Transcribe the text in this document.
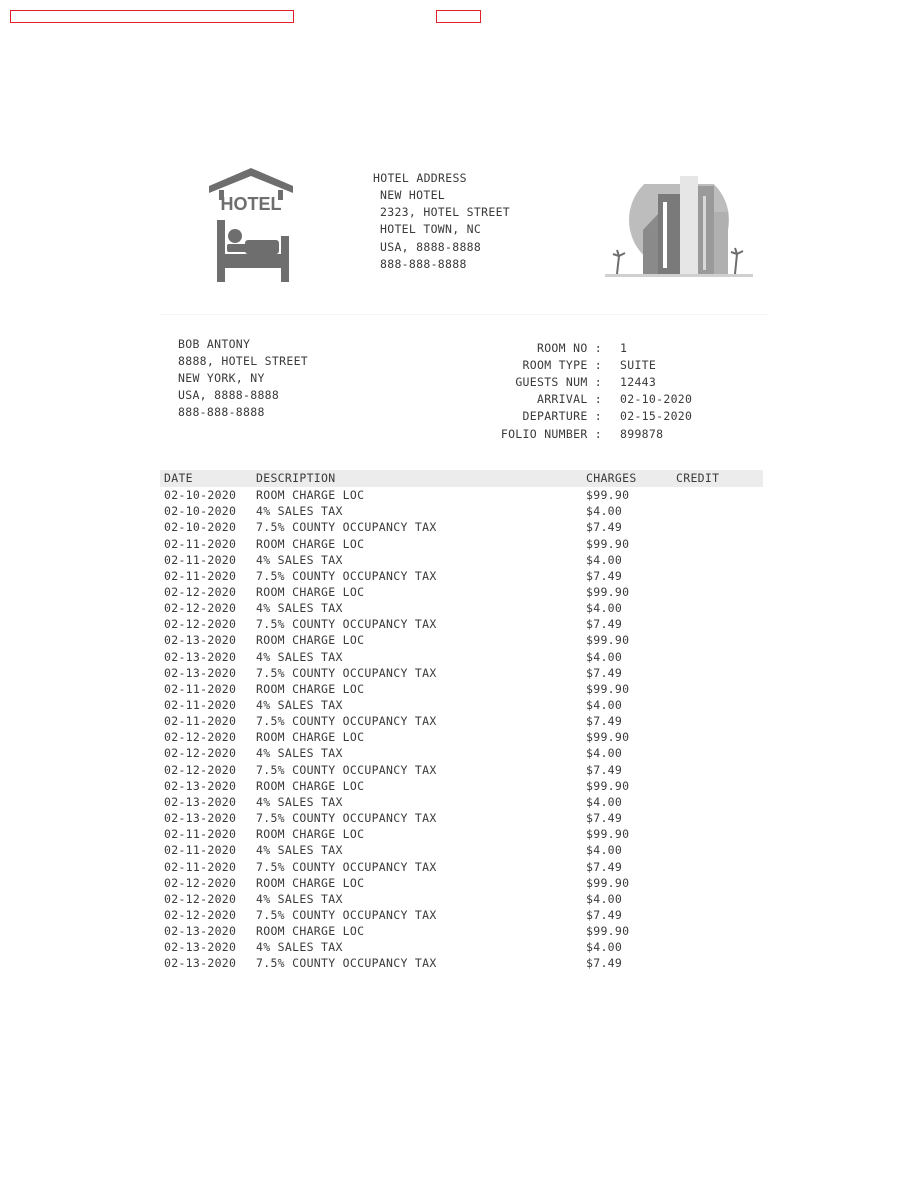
HOTEL
HOTEL ADDRESS
NEW HOTEL
2323, HOTEL STREET
HOTEL TOWN, NC
USA, 8888-8888
888-888-8888
BOB ANTONY
8888, HOTEL STREET
NEW YORK, NY
USA, 8888-8888
888-888-8888
ROOM NO : 1
ROOM TYPE : SUITE
GUESTS NUM : 12443
ARRIVAL : 02-10-2020
DEPARTURE : 02-15-2020
FOLIO NUMBER : 899878
DATE	DESCRIPTION	CHARGES	CREDIT
02-10-2020 ROOM CHARGE LOC	$99.90
02-10-2020 4% SALES TAX	$4.00
02-10-2020 7.5% COUNTY OCCUPANCY TAX	$7.49
02-11-2020 ROOM CHARGE LOC	$99.90
02-11-2020 4% SALES TAX	$4.00
02-11-2020 7.5% COUNTY OCCUPANCY TAX	$7.49
02-12-2020 ROOM CHARGE LOC	$99.90
02-12-2020 4% SALES TAX	$4.00
02-12-2020 7.5% COUNTY OCCUPANCY TAX	$7.49
02-13-2020 ROOM CHARGE LOC	$99.90
02-13-2020 4% SALES TAX	$4.00
02-13-2020 7.5% COUNTY OCCUPANCY TAX	$7.49
02-11-2020 ROOM CHARGE LOC	$99.90
02-11-2020 4% SALES TAX	$4.00
02-11-2020 7.5% COUNTY OCCUPANCY TAX	$7.49
02-12-2020 ROOM CHARGE LOC	$99.90
02-12-2020 4% SALES TAX	$4.00
02-12-2020 7.5% COUNTY OCCUPANCY TAX	$7.49
02-13-2020 ROOM CHARGE LOC	$99.90
02-13-2020 4% SALES TAX	$4.00
02-13-2020 7.5% COUNTY OCCUPANCY TAX	$7.49
02-11-2020 ROOM CHARGE LOC	$99.90
02-11-2020 4% SALES TAX	$4.00
02-11-2020 7.5% COUNTY OCCUPANCY TAX	$7.49
02-12-2020 ROOM CHARGE LOC	$99.90
02-12-2020 4% SALES TAX	$4.00
02-12-2020 7.5% COUNTY OCCUPANCY TAX	$7.49
02-13-2020 ROOM CHARGE LOC	$99.90
02-13-2020 4% SALES TAX	$4.00
02-13-2020 7.5% COUNTY OCCUPANCY TAX	$7.49
